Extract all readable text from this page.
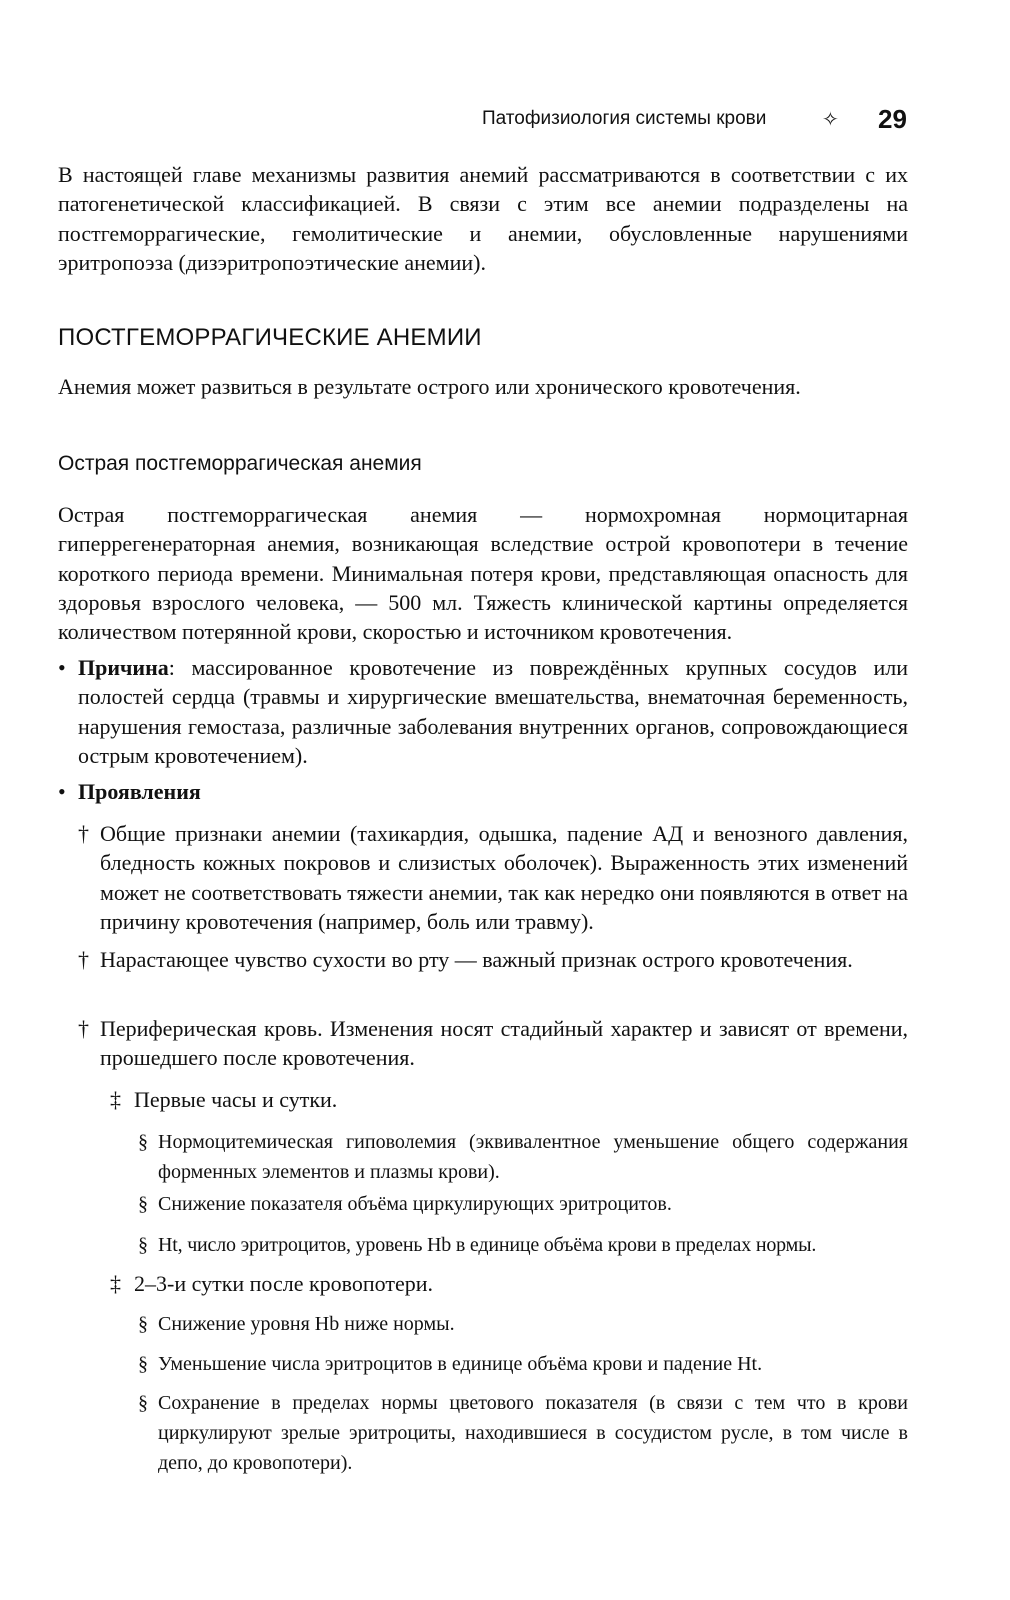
Патофизиология системы крови	✧ 29

В настоящей главе механизмы развития анемий рассматриваются в соответствии с их патогенетической классификацией. В связи с этим все анемии подразделены на постгеморрагические, гемолитические и анемии, обусловленные нарушениями эритропоэза (дизэритропоэтические анемии).

ПОСТГЕМОРРАГИЧЕСКИЕ АНЕМИИ

Анемия может развиться в результате острого или хронического кровотечения.

Острая постгеморрагическая анемия

Острая постгеморрагическая анемия — нормохромная нормоцитарная гиперрегенераторная анемия, возникающая вследствие острой кровопотери в течение короткого периода времени. Минимальная потеря крови, представляющая опасность для здоровья взрослого человека, — 500 мл. Тяжесть клинической картины определяется количеством потерянной крови, скоростью и источником кровотечения.

• Причина: массированное кровотечение из повреждённых крупных сосудов или полостей сердца (травмы и хирургические вмешательства, внематочная беременность, нарушения гемостаза, различные заболевания внутренних органов, сопровождающиеся острым кровотечением).

• Проявления

† Общие признаки анемии (тахикардия, одышка, падение АД и венозного давления, бледность кожных покровов и слизистых оболочек). Выраженность этих изменений может не соответствовать тяжести анемии, так как нередко они появляются в ответ на причину кровотечения (например, боль или травму).

† Нарастающее чувство сухости во рту — важный признак острого кровотечения.

† Периферическая кровь. Изменения носят стадийный характер и зависят от времени, прошедшего после кровотечения.

‡ Первые часы и сутки.
§ Нормоцитемическая гиповолемия (эквивалентное уменьшение общего содержания форменных элементов и плазмы крови).

§ Снижение показателя объёма циркулирующих эритроцитов.

§ Ht, число эритроцитов, уровень Hb в единице объёма крови в пределах нормы.

‡ 2–3-и сутки после кровопотери.
§ Снижение уровня Hb ниже нормы.

§ Уменьшение числа эритроцитов в единице объёма крови и падение Ht.

§ Сохранение в пределах нормы цветового показателя (в связи с тем что в крови циркулируют зрелые эритроциты, находившиеся в сосудистом русле, в том числе в депо, до кровопотери).
